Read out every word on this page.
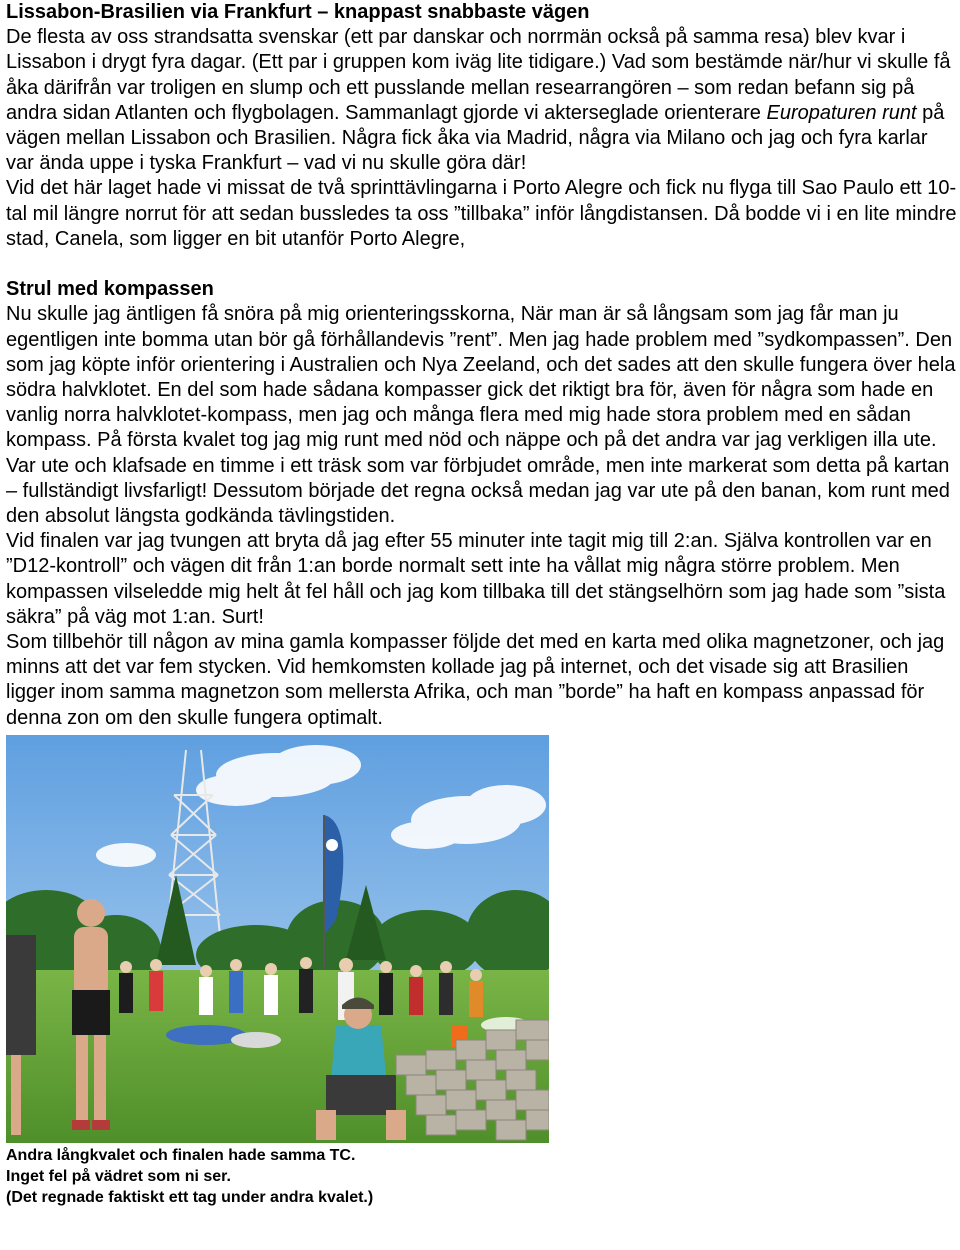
Lissabon-Brasilien via Frankfurt – knappast snabbaste vägen

De flesta av oss strandsatta svenskar (ett par danskar och norrmän också på samma resa) blev kvar i Lissabon i drygt fyra dagar. (Ett par i gruppen kom iväg lite tidigare.) Vad som bestämde när/hur vi skulle få åka därifrån var troligen en slump och ett pusslande mellan researrangören – som redan befann sig på andra sidan Atlanten och flygbolagen. Sammanlagt gjorde vi akterseglade orienterare Europaturen runt på vägen mellan Lissabon och Brasilien. Några fick åka via Madrid, några via Milano och jag och fyra karlar var ända uppe i tyska Frankfurt – vad vi nu skulle göra där!

Vid det här laget hade vi missat de två sprinttävlingarna i Porto Alegre och fick nu flyga till Sao Paulo ett 10-tal mil längre norrut för att sedan bussledes ta oss ”tillbaka” inför långdistansen. Då bodde vi i en lite mindre stad, Canela, som ligger en bit utanför Porto Alegre,

Strul med kompassen

Nu skulle jag äntligen få snöra på mig orienteringsskorna, När man är så långsam som jag får man ju egentligen inte bomma utan bör gå förhållandevis ”rent”. Men jag hade problem med ”sydkompassen”. Den som jag köpte inför orientering i Australien och Nya Zeeland, och det sades att den skulle fungera över hela södra halvklotet. En del som hade sådana kompasser gick det riktigt bra för, även för några som hade en vanlig norra halvklotet-kompass, men jag och många flera med mig hade stora problem med en sådan kompass. På första kvalet tog jag mig runt med nöd och näppe och på det andra var jag verkligen illa ute. Var ute och klafsade en timme i ett träsk som var förbjudet område, men inte markerat som detta på kartan – fullständigt livsfarligt! Dessutom började det regna också medan jag var ute på den banan, kom runt med den absolut längsta godkända tävlingstiden.

Vid finalen var jag tvungen att bryta då jag efter 55 minuter inte tagit mig till 2:an. Själva kontrollen var en ”D12-kontroll” och vägen dit från 1:an borde normalt sett inte ha vållat mig några större problem. Men kompassen vilseledde mig helt åt fel håll och jag kom tillbaka till det stängselhörn som jag hade som ”sista säkra” på väg mot 1:an. Surt!

Som tillbehör till någon av mina gamla kompasser följde det med en karta med olika magnetzoner, och jag minns att det var fem stycken. Vid hemkomsten kollade jag på internet, och det visade sig att Brasilien ligger inom samma magnetzon som mellersta Afrika, och man ”borde” ha haft en kompass anpassad för denna zon om den skulle fungera optimalt.

Andra långkvalet och finalen hade samma TC.
Inget fel på vädret som ni ser.
(Det regnade faktiskt ett tag under andra kvalet.)
